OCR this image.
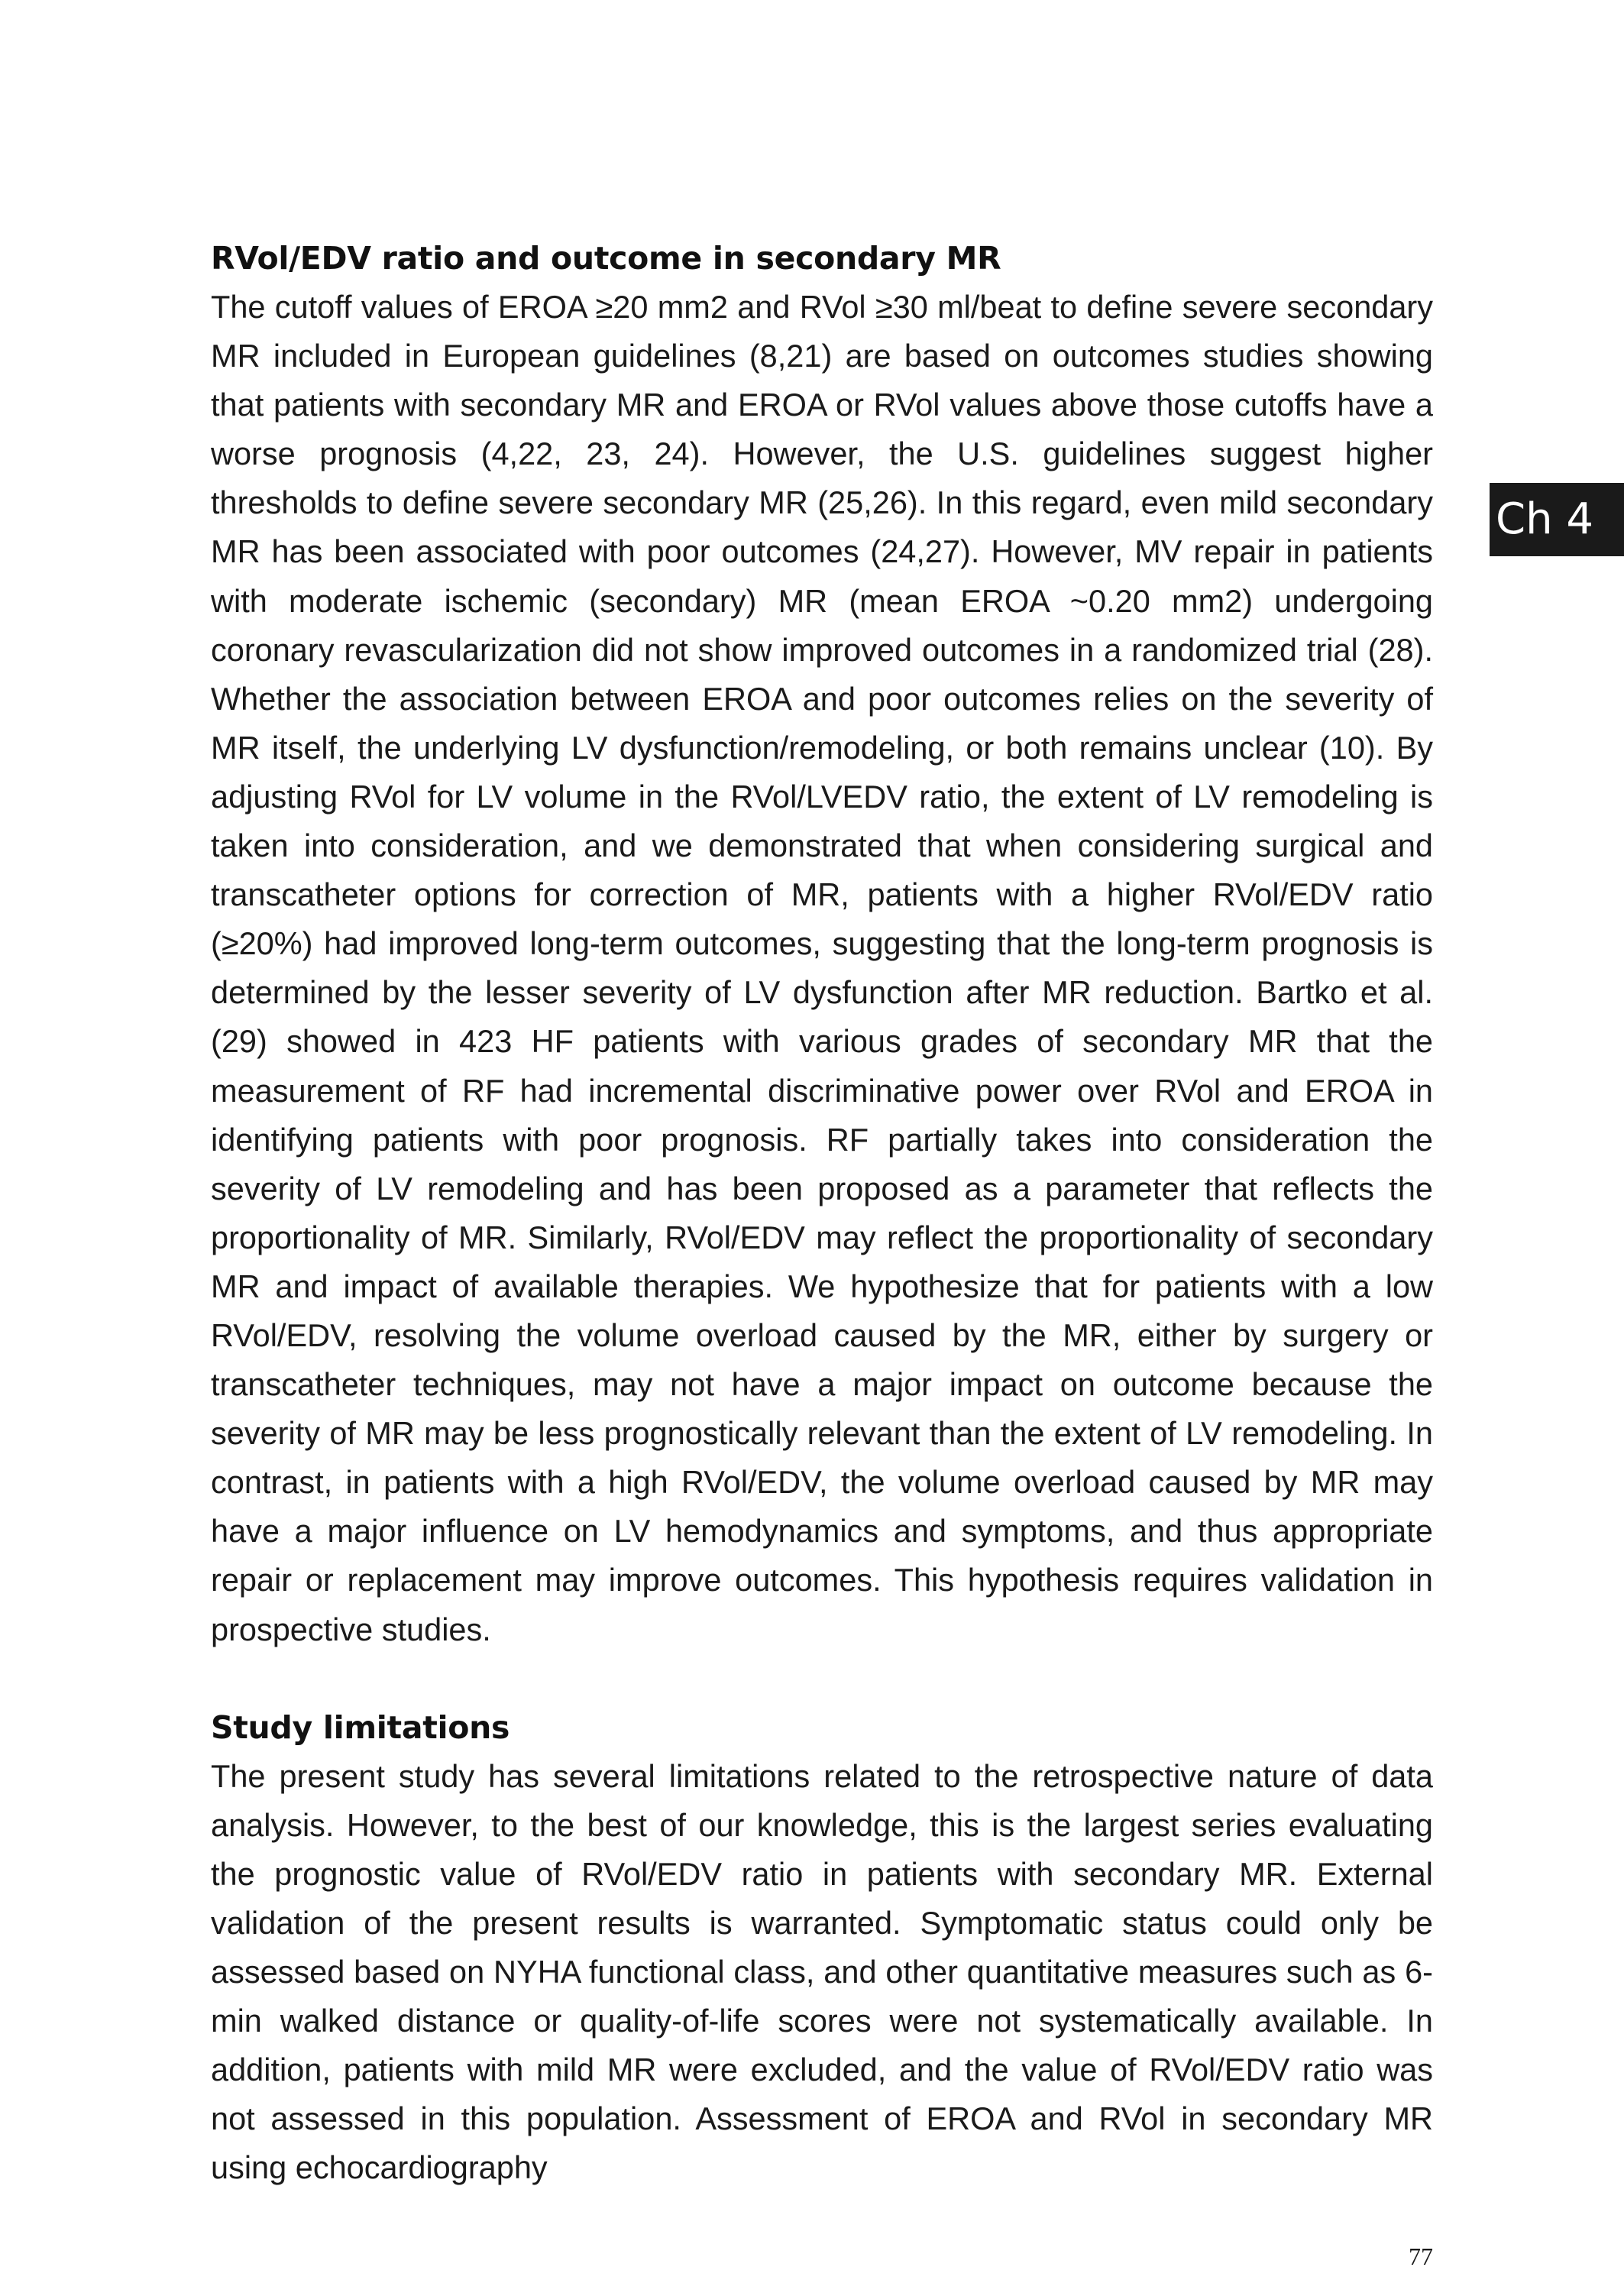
Ch 4
RVol/EDV ratio and outcome in secondary MR

The cutoff values of EROA ≥20 mm2 and RVol ≥30 ml/beat to define severe secondary MR included in European guidelines (8,21) are based on outcomes studies showing that patients with secondary MR and EROA or RVol values above those cutoffs have a worse prognosis (4,22, 23, 24). However, the U.S. guidelines suggest higher thresholds to define severe secondary MR (25,26). In this regard, even mild secondary MR has been associated with poor outcomes (24,27). However, MV repair in patients with moderate ischemic (secondary) MR (mean EROA ~0.20 mm2) undergoing coronary revascularization did not show improved outcomes in a randomized trial (28). Whether the association between EROA and poor outcomes relies on the severity of MR itself, the underlying LV dysfunction/remodeling, or both remains unclear (10). By adjusting RVol for LV volume in the RVol/LVEDV ratio, the extent of LV remodeling is taken into consideration, and we demonstrated that when considering surgical and transcatheter options for correction of MR, patients with a higher RVol/EDV ratio (≥20%) had improved long-term outcomes, suggesting that the long-term prognosis is determined by the lesser severity of LV dysfunction after MR reduction. Bartko et al. (29) showed in 423 HF patients with various grades of secondary MR that the measurement of RF had incremental discriminative power over RVol and EROA in identifying patients with poor prognosis. RF partially takes into consideration the severity of LV remodeling and has been proposed as a parameter that reflects the proportionality of MR. Similarly, RVol/EDV may reflect the proportionality of secondary MR and impact of available therapies. We hypothesize that for patients with a low RVol/EDV, resolving the volume overload caused by the MR, either by surgery or transcatheter techniques, may not have a major impact on outcome because the severity of MR may be less prognostically relevant than the extent of LV remodeling. In contrast, in patients with a high RVol/EDV, the volume overload caused by MR may have a major influence on LV hemodynamics and symptoms, and thus appropriate repair or replacement may improve outcomes. This hypothesis requires validation in prospective studies.

Study limitations

The present study has several limitations related to the retrospective nature of data analysis. However, to the best of our knowledge, this is the largest series evaluating the prognostic value of RVol/EDV ratio in patients with secondary MR. External validation of the present results is warranted. Symptomatic status could only be assessed based on NYHA functional class, and other quantitative measures such as 6-min walked distance or quality-of-life scores were not systematically available. In addition, patients with mild MR were excluded, and the value of RVol/EDV ratio was not assessed in this population. Assessment of EROA and RVol in secondary MR using echocardiography

77
